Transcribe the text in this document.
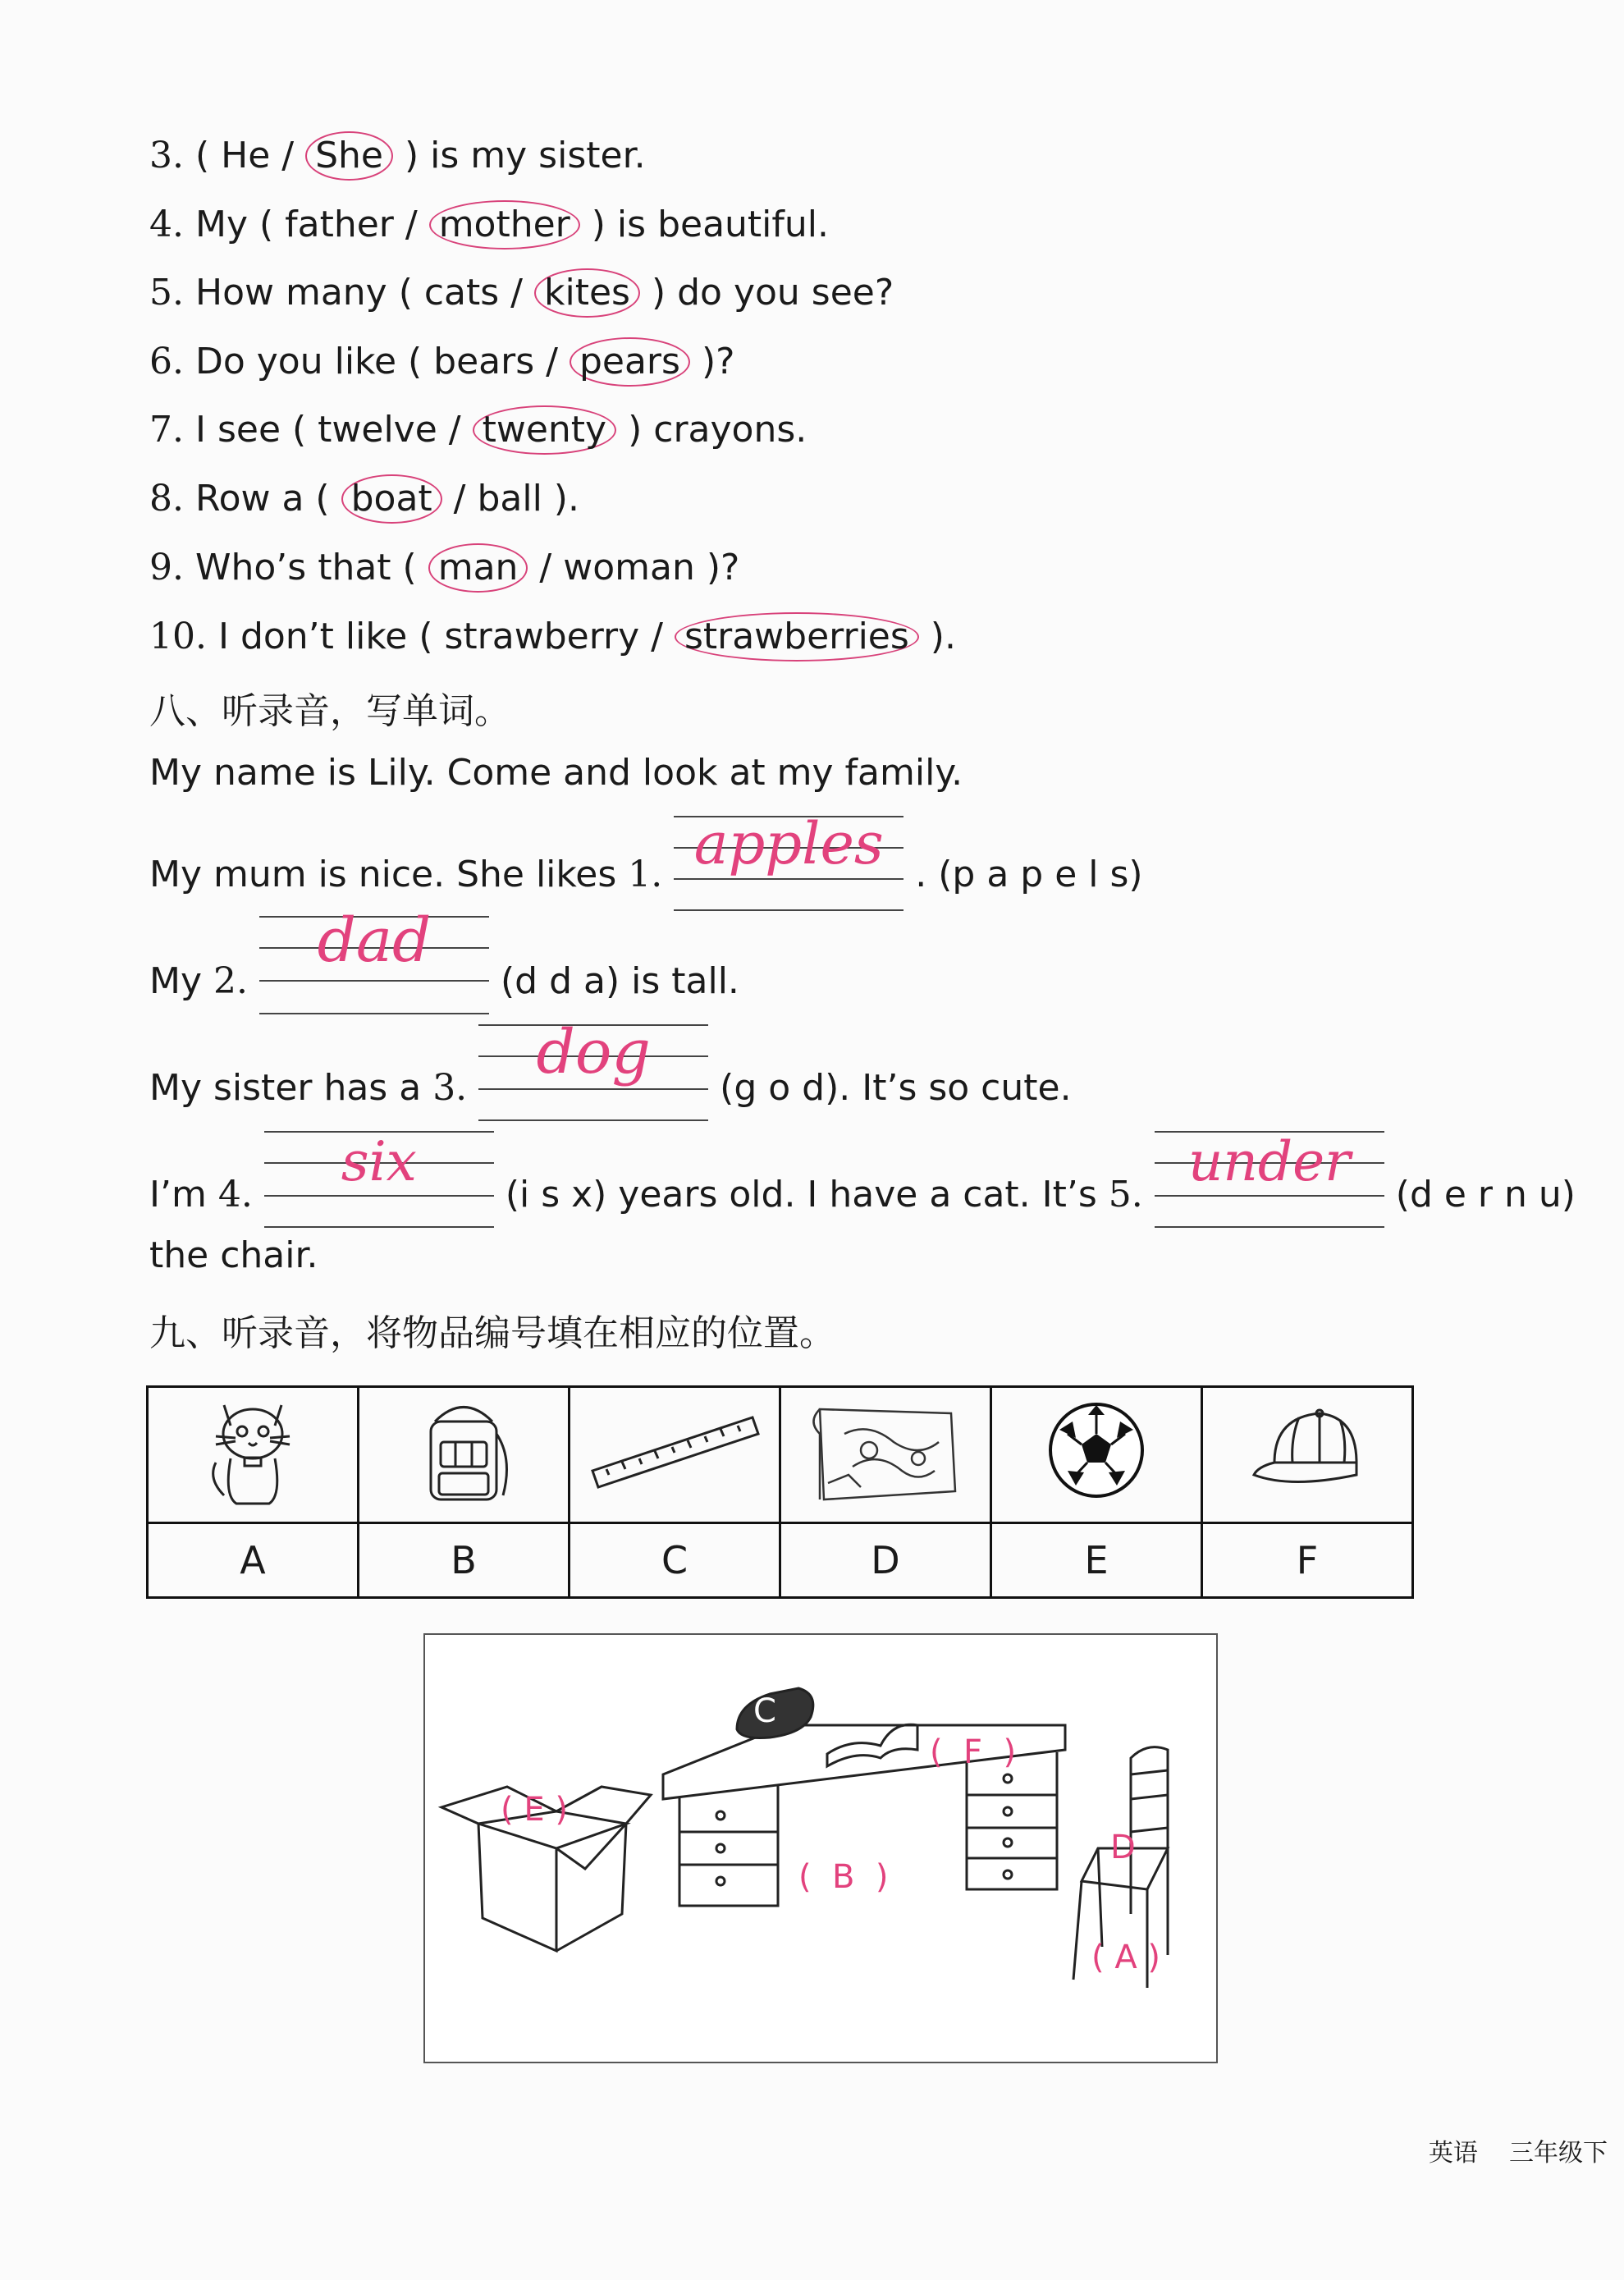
3. ( He / She ) is my sister.
4. My ( father / mother ) is beautiful.
5. How many ( cats / kites ) do you see?
6. Do you like ( bears / pears )?
7. I see ( twelve / twenty ) crayons.
8. Row a ( boat / ball ).
9. Who’s that ( man / woman )?
10. I don’t like ( strawberry / strawberries ).
八、听录音，写单词。
My name is Lily. Come and look at my family.
My mum is nice. She likes 1. apples . (p a p e l s)
My 2.
dad
(d d a) is tall.
My sister has a 3.
dog
(g o d). It’s so cute.
I’m 4.
six
(i s x) years old. I have a cat. It’s 5.
under
(d e r n u)
the chair.
九、听录音，将物品编号填在相应的位置。

A	B	C	D	E	F
( E )
C
(  F  )
(  B  )
D
( A )
英语 三年级下
